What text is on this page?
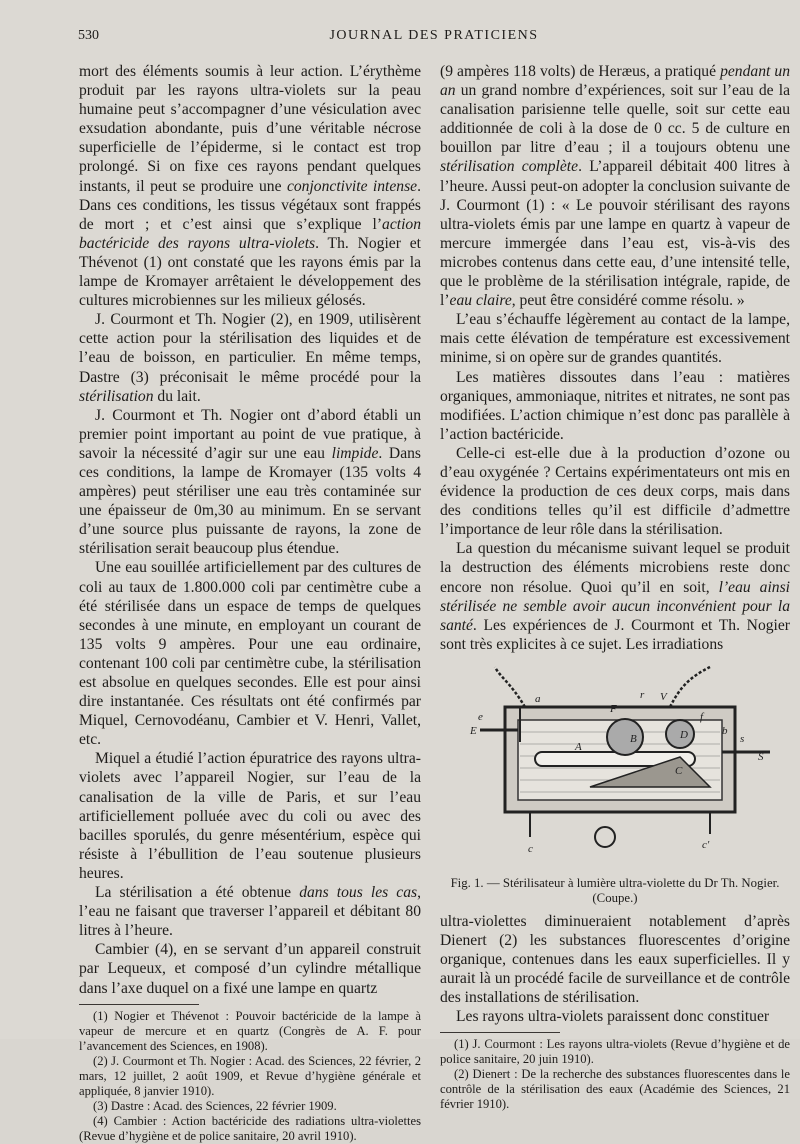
530	JOURNAL DES PRATICIENS

mort des éléments soumis à leur action. L’érythème produit par les rayons ultra-violets sur la peau humaine peut s’accompagner d’une vésiculation avec exsudation abondante, puis d’une véritable nécrose superficielle de l’épiderme, si le contact est trop prolongé. Si on fixe ces rayons pendant quelques instants, il peut se produire une conjonctivite intense. Dans ces conditions, les tissus végétaux sont frappés de mort ; et c’est ainsi que s’explique l’action bactéricide des rayons ultra-violets. Th. Nogier et Thévenot (1) ont constaté que les rayons émis par la lampe de Kromayer arrêtaient le développement des cultures microbiennes sur les milieux gélosés.

J. Courmont et Th. Nogier (2), en 1909, utilisèrent cette action pour la stérilisation des liquides et de l’eau de boisson, en particulier. En même temps, Dastre (3) préconisait le même procédé pour la stérilisation du lait.

J. Courmont et Th. Nogier ont d’abord établi un premier point important au point de vue pratique, à savoir la nécessité d’agir sur une eau limpide. Dans ces conditions, la lampe de Kromayer (135 volts 4 ampères) peut stériliser une eau très contaminée sur une épaisseur de 0m,30 au minimum. En se servant d’une source plus puissante de rayons, la zone de stérilisation serait beaucoup plus étendue.

Une eau souillée artificiellement par des cultures de coli au taux de 1.800.000 coli par centimètre cube a été stérilisée dans un espace de temps de quelques secondes à une minute, en employant un courant de 135 volts 9 ampères. Pour une eau ordinaire, contenant 100 coli par centimètre cube, la stérilisation est absolue en quelques secondes. Elle est pour ainsi dire instantanée. Ces résultats ont été confirmés par Miquel, Cernovodéanu, Cambier et V. Henri, Vallet, etc.

Miquel a étudié l’action épuratrice des rayons ultra-violets avec l’appareil Nogier, sur l’eau de la canalisation de la ville de Paris, et sur l’eau artificiellement polluée avec du coli ou avec des bacilles sporulés, du genre mésentérium, espèce qui résiste à l’ébullition de l’eau soutenue plusieurs heures.

La stérilisation a été obtenue dans tous les cas, l’eau ne faisant que traverser l’appareil et débitant 80 litres à l’heure.

Cambier (4), en se servant d’un appareil construit par Lequeux, et composé d’un cylindre métallique dans l’axe duquel on a fixé une lampe en quartz

(1) Nogier et Thévenot : Pouvoir bactéricide de la lampe à vapeur de mercure et en quartz (Congrès de A. F. pour l’avancement des Sciences, en 1908).

(2) J. Courmont et Th. Nogier : Acad. des Sciences, 22 février, 2 mars, 12 juillet, 2 août 1909, et Revue d’hygiène générale et appliquée, 8 janvier 1910).

(3) Dastre : Acad. des Sciences, 22 février 1909.

(4) Cambier : Action bactéricide des radiations ultra-violettes (Revue d’hygiène et de police sanitaire, 20 avril 1910).

(9 ampères 118 volts) de Heræus, a pratiqué pendant un an un grand nombre d’expériences, soit sur l’eau de la canalisation parisienne telle quelle, soit sur cette eau additionnée de coli à la dose de 0 cc. 5 de culture en bouillon par litre d’eau ; il a toujours obtenu une stérilisation complète. L’appareil débitait 400 litres à l’heure. Aussi peut-on adopter la conclusion suivante de J. Courmont (1) : « Le pouvoir stérilisant des rayons ultra-violets émis par une lampe en quartz à vapeur de mercure immergée dans l’eau est, vis-à-vis des microbes contenus dans cette eau, d’une intensité telle, que le problème de la stérilisation intégrale, rapide, de l’eau claire, peut être considéré comme résolu. »

L’eau s’échauffe légèrement au contact de la lampe, mais cette élévation de température est excessivement minime, si on opère sur de grandes quantités.

Les matières dissoutes dans l’eau : matières organiques, ammoniaque, nitrites et nitrates, ne sont pas modifiées. L’action chimique n’est donc pas parallèle à l’action bactéricide.

Celle-ci est-elle due à la production d’ozone ou d’eau oxygénée ? Certains expérimentateurs ont mis en évidence la production de ces deux corps, mais dans des conditions telles qu’il est difficile d’admettre l’importance de leur rôle dans la stérilisation.

La question du mécanisme suivant lequel se produit la destruction des éléments microbiens reste donc encore non résolue. Quoi qu’il en soit, l’eau ainsi stérilisée ne semble avoir aucun inconvénient pour la santé. Les expériences de J. Courmont et Th. Nogier sont très explicites à ce sujet. Les irradiations

A
B
C
D
E
F
V
S
a
b
c	c'
e	f
r
s
Fig. 1. — Stérilisateur à lumière ultra-violette du Dr Th. Nogier. (Coupe.)

ultra-violettes diminueraient notablement d’après Dienert (2) les substances fluorescentes d’origine organique, contenues dans les eaux superficielles. Il y aurait là un procédé facile de surveillance et de contrôle des installations de stérilisation.

Les rayons ultra-violets paraissent donc constituer

(1) J. Courmont : Les rayons ultra-violets (Revue d’hygiène et de police sanitaire, 20 juin 1910).

(2) Dienert : De la recherche des substances fluorescentes dans le contrôle de la stérilisation des eaux (Académie des Sciences, 21 février 1910).
